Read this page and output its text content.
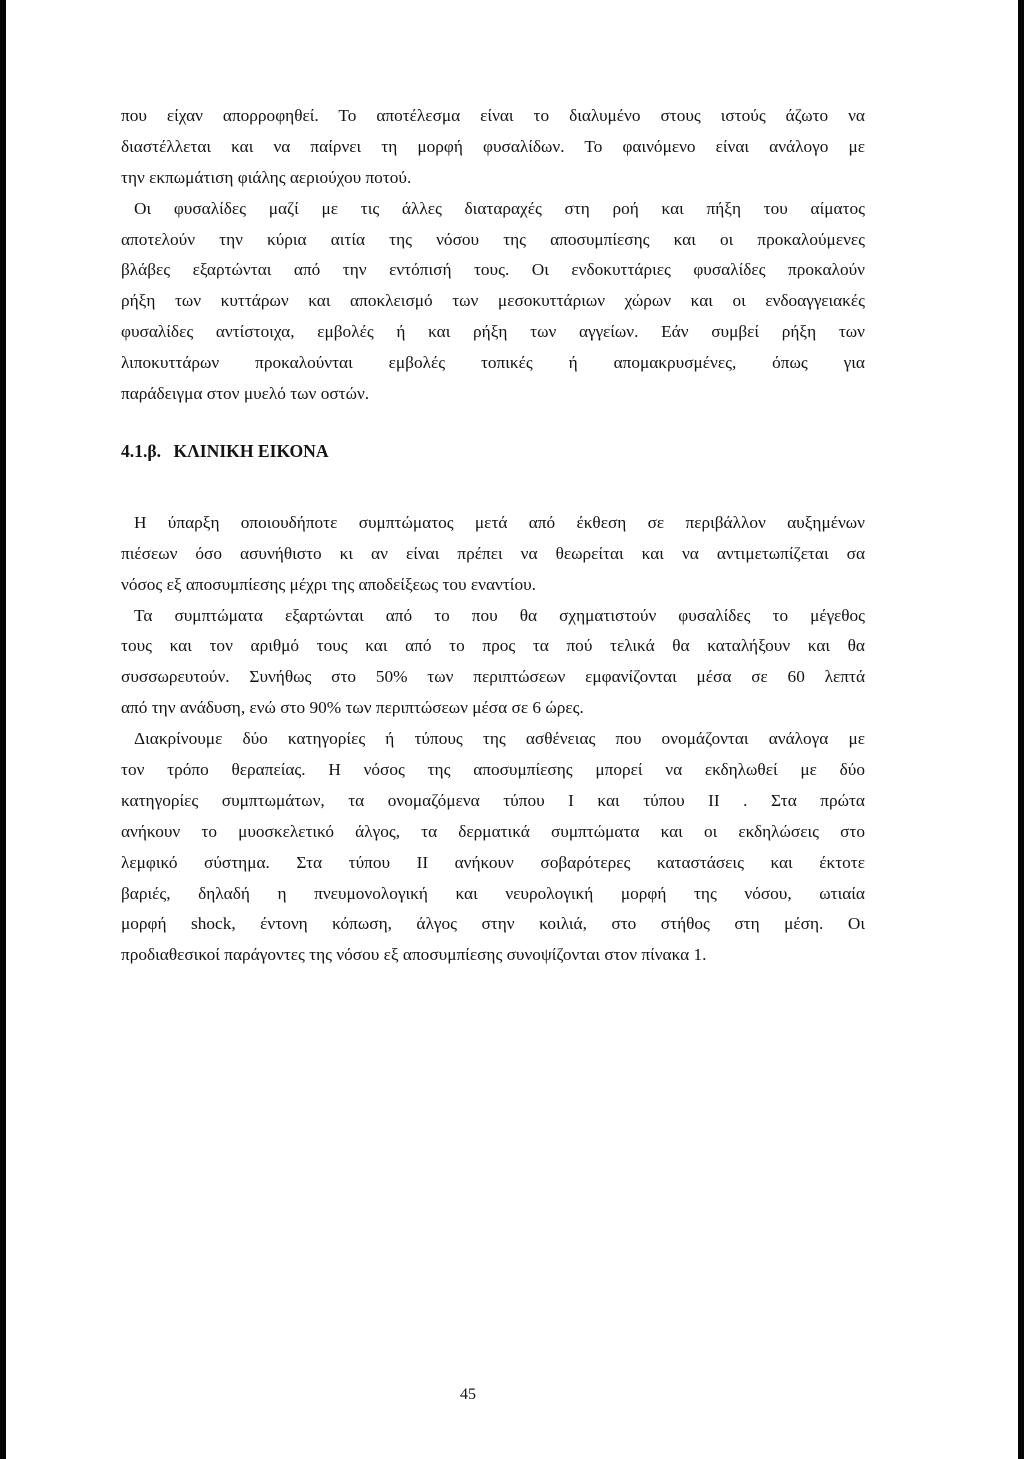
που είχαν απορροφηθεί. Το αποτέλεσμα είναι το διαλυμένο στους ιστούς άζωτο να
διαστέλλεται και να παίρνει τη μορφή φυσαλίδων. Το φαινόμενο είναι ανάλογο με
την εκπωμάτιση φιάλης αεριούχου ποτού.
Οι φυσαλίδες μαζί με τις άλλες διαταραχές στη ροή και πήξη του αίματος
αποτελούν την κύρια αιτία της νόσου της αποσυμπίεσης και οι προκαλούμενες
βλάβες εξαρτώνται από την εντόπισή τους. Οι ενδοκυττάριες φυσαλίδες προκαλούν
ρήξη των κυττάρων και αποκλεισμό των μεσοκυττάριων χώρων και οι ενδοαγγειακές
φυσαλίδες αντίστοιχα, εμβολές ή και ρήξη των αγγείων. Εάν συμβεί ρήξη των
λιποκυττάρων προκαλούνται εμβολές τοπικές ή απομακρυσμένες, όπως για
παράδειγμα στον μυελό των οστών.
4.1.β. ΚΛΙΝΙΚΗ ΕΙΚΟΝΑ
Η ύπαρξη οποιουδήποτε συμπτώματος μετά από έκθεση σε περιβάλλον αυξημένων
πιέσεων όσο ασυνήθιστο κι αν είναι πρέπει να θεωρείται και να αντιμετωπίζεται σα
νόσος εξ αποσυμπίεσης μέχρι της αποδείξεως του εναντίου.
Τα συμπτώματα εξαρτώνται από το που θα σχηματιστούν φυσαλίδες το μέγεθος
τους και τον αριθμό τους και από το προς τα πού τελικά θα καταλήξουν και θα
συσσωρευτούν. Συνήθως στο 50% των περιπτώσεων εμφανίζονται μέσα σε 60 λεπτά
από την ανάδυση, ενώ στο 90% των περιπτώσεων μέσα σε 6 ώρες.
Διακρίνουμε δύο κατηγορίες ή τύπους της ασθένειας που ονομάζονται ανάλογα με
τον τρόπο θεραπείας. Η νόσος της αποσυμπίεσης μπορεί να εκδηλωθεί με δύο
κατηγορίες συμπτωμάτων, τα ονομαζόμενα τύπου Ι και τύπου ΙΙ . Στα πρώτα
ανήκουν το μυοσκελετικό άλγος, τα δερματικά συμπτώματα και οι εκδηλώσεις στο
λεμφικό σύστημα. Στα τύπου ΙΙ ανήκουν σοβαρότερες καταστάσεις και έκτοτε
βαριές, δηλαδή η πνευμονολογική και νευρολογική μορφή της νόσου, ωτιαία
μορφή shock, έντονη κόπωση, άλγος στην κοιλιά, στο στήθος στη μέση. Οι
προδιαθεσικοί παράγοντες της νόσου εξ αποσυμπίεσης συνοψίζονται στον πίνακα 1.
45
